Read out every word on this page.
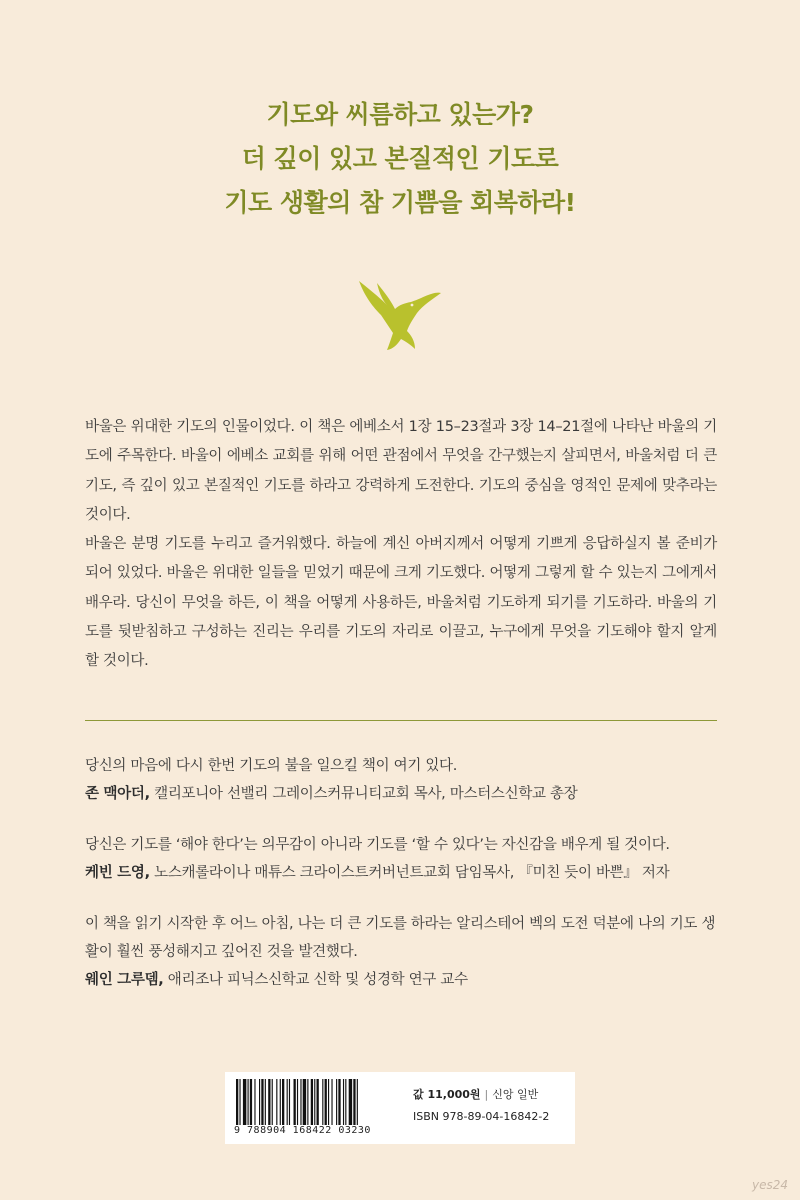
기도와 씨름하고 있는가?
더 깊이 있고 본질적인 기도로
기도 생활의 참 기쁨을 회복하라!

바울은 위대한 기도의 인물이었다. 이 책은 에베소서 1장 15–23절과 3장 14–21절에 나타난 바울의 기도에 주목한다. 바울이 에베소 교회를 위해 어떤 관점에서 무엇을 간구했는지 살피면서, 바울처럼 더 큰 기도, 즉 깊이 있고 본질적인 기도를 하라고 강력하게 도전한다. 기도의 중심을 영적인 문제에 맞추라는 것이다.

바울은 분명 기도를 누리고 즐거워했다. 하늘에 계신 아버지께서 어떻게 기쁘게 응답하실지 볼 준비가 되어 있었다. 바울은 위대한 일들을 믿었기 때문에 크게 기도했다. 어떻게 그렇게 할 수 있는지 그에게서 배우라. 당신이 무엇을 하든, 이 책을 어떻게 사용하든, 바울처럼 기도하게 되기를 기도하라. 바울의 기도를 뒷받침하고 구성하는 진리는 우리를 기도의 자리로 이끌고, 누구에게 무엇을 기도해야 할지 알게 할 것이다.

당신의 마음에 다시 한번 기도의 불을 일으킬 책이 여기 있다.
존 맥아더, 캘리포니아 선밸리 그레이스커뮤니티교회 목사, 마스터스신학교 총장
당신은 기도를 ‘해야 한다’는 의무감이 아니라 기도를 ‘할 수 있다’는 자신감을 배우게 될 것이다.
케빈 드영, 노스캐롤라이나 매튜스 크라이스트커버넌트교회 담임목사, 『미친 듯이 바쁜』 저자
이 책을 읽기 시작한 후 어느 아침, 나는 더 큰 기도를 하라는 알리스테어 벡의 도전 덕분에 나의 기도 생활이 훨씬 풍성해지고 깊어진 것을 발견했다.
웨인 그루뎀, 애리조나 피닉스신학교 신학 및 성경학 연구 교수
9 788904 168422 03230
값 11,000원 | 신앙 일반
ISBN 978-89-04-16842-2
yes24
